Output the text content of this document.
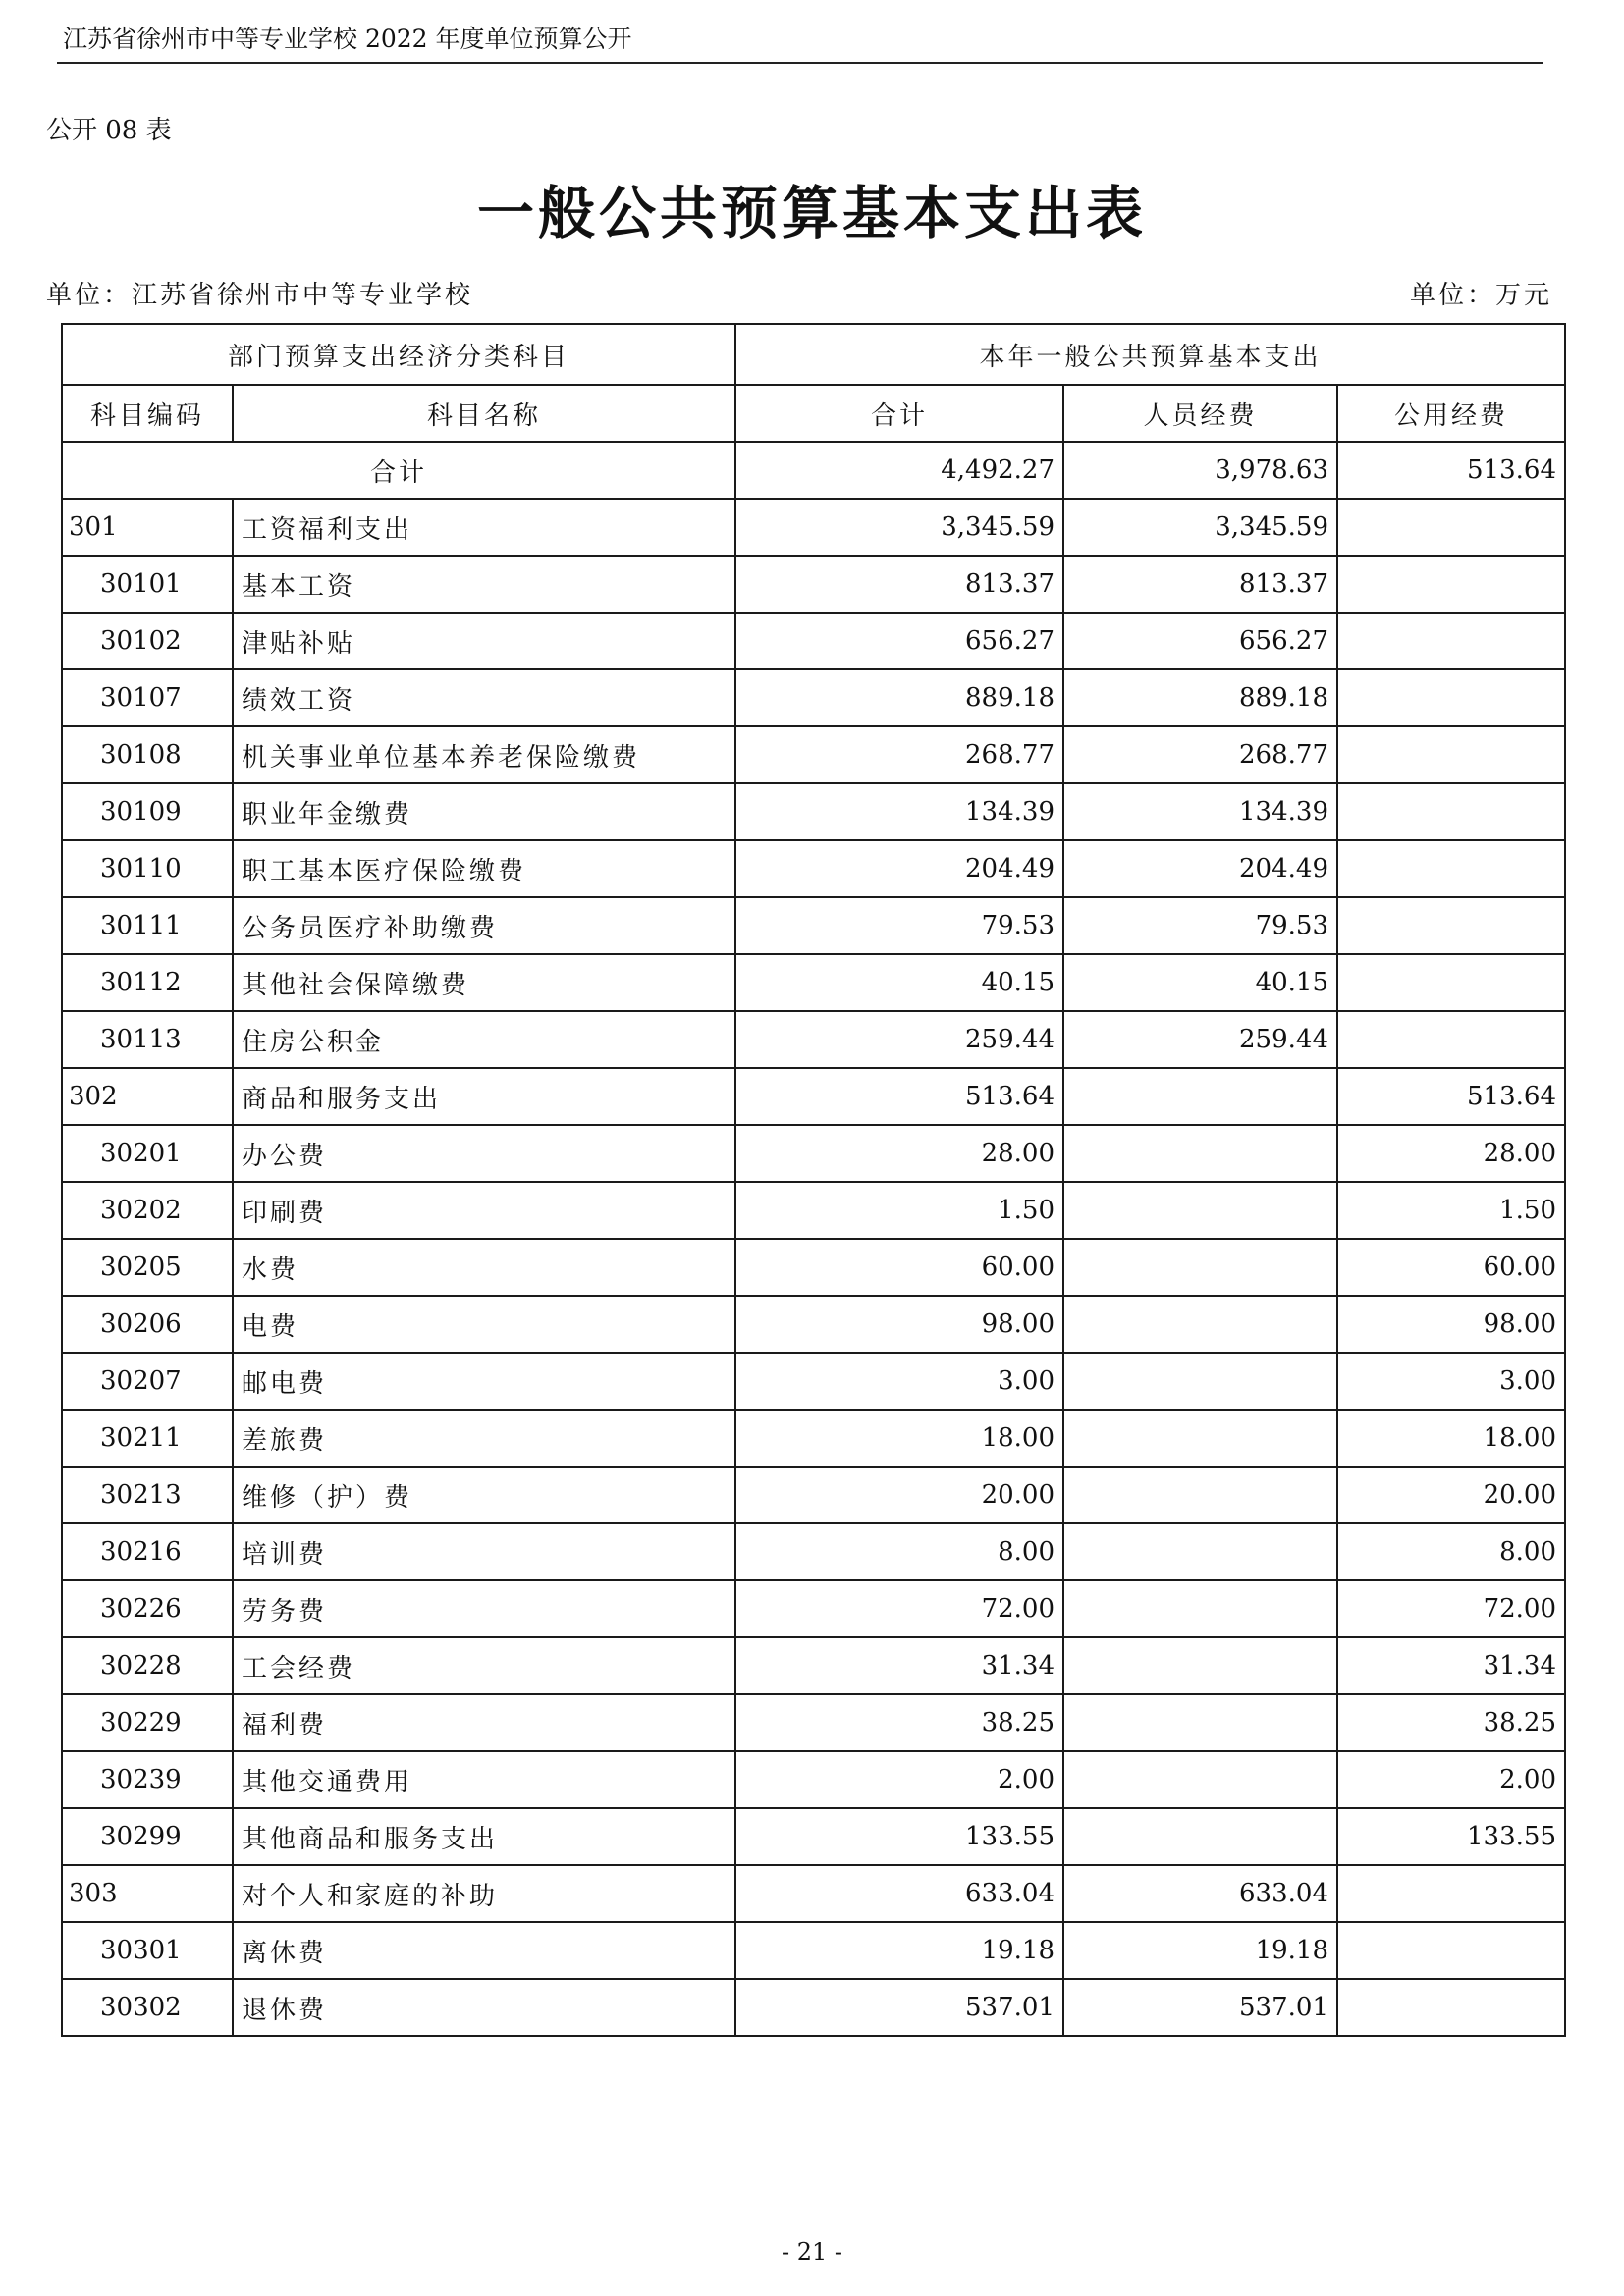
江苏省徐州市中等专业学校 2022 年度单位预算公开
公开 08 表
一般公共预算基本支出表
单位：江苏省徐州市中等专业学校	单位：万元
部门预算支出经济分类科目		本年一般公共预算基本支出		
科目编码	科目名称	合计	人员经费	公用经费
合计		4,492.27	3,978.63	513.64
301	工资福利支出	3,345.59	3,345.59	
30101	基本工资	813.37	813.37	
30102	津贴补贴	656.27	656.27	
30107	绩效工资	889.18	889.18	
30108	机关事业单位基本养老保险缴费	268.77	268.77	
30109	职业年金缴费	134.39	134.39	
30110	职工基本医疗保险缴费	204.49	204.49	
30111	公务员医疗补助缴费	79.53	79.53	
30112	其他社会保障缴费	40.15	40.15	
30113	住房公积金	259.44	259.44	
302	商品和服务支出	513.64		513.64
30201	办公费	28.00		28.00
30202	印刷费	1.50		1.50
30205	水费	60.00		60.00
30206	电费	98.00		98.00
30207	邮电费	3.00		3.00
30211	差旅费	18.00		18.00
30213	维修（护）费	20.00		20.00
30216	培训费	8.00		8.00
30226	劳务费	72.00		72.00
30228	工会经费	31.34		31.34
30229	福利费	38.25		38.25
30239	其他交通费用	2.00		2.00
30299	其他商品和服务支出	133.55		133.55
303	对个人和家庭的补助	633.04	633.04	
30301	离休费	19.18	19.18	
30302	退休费	537.01	537.01	
- 21 -
